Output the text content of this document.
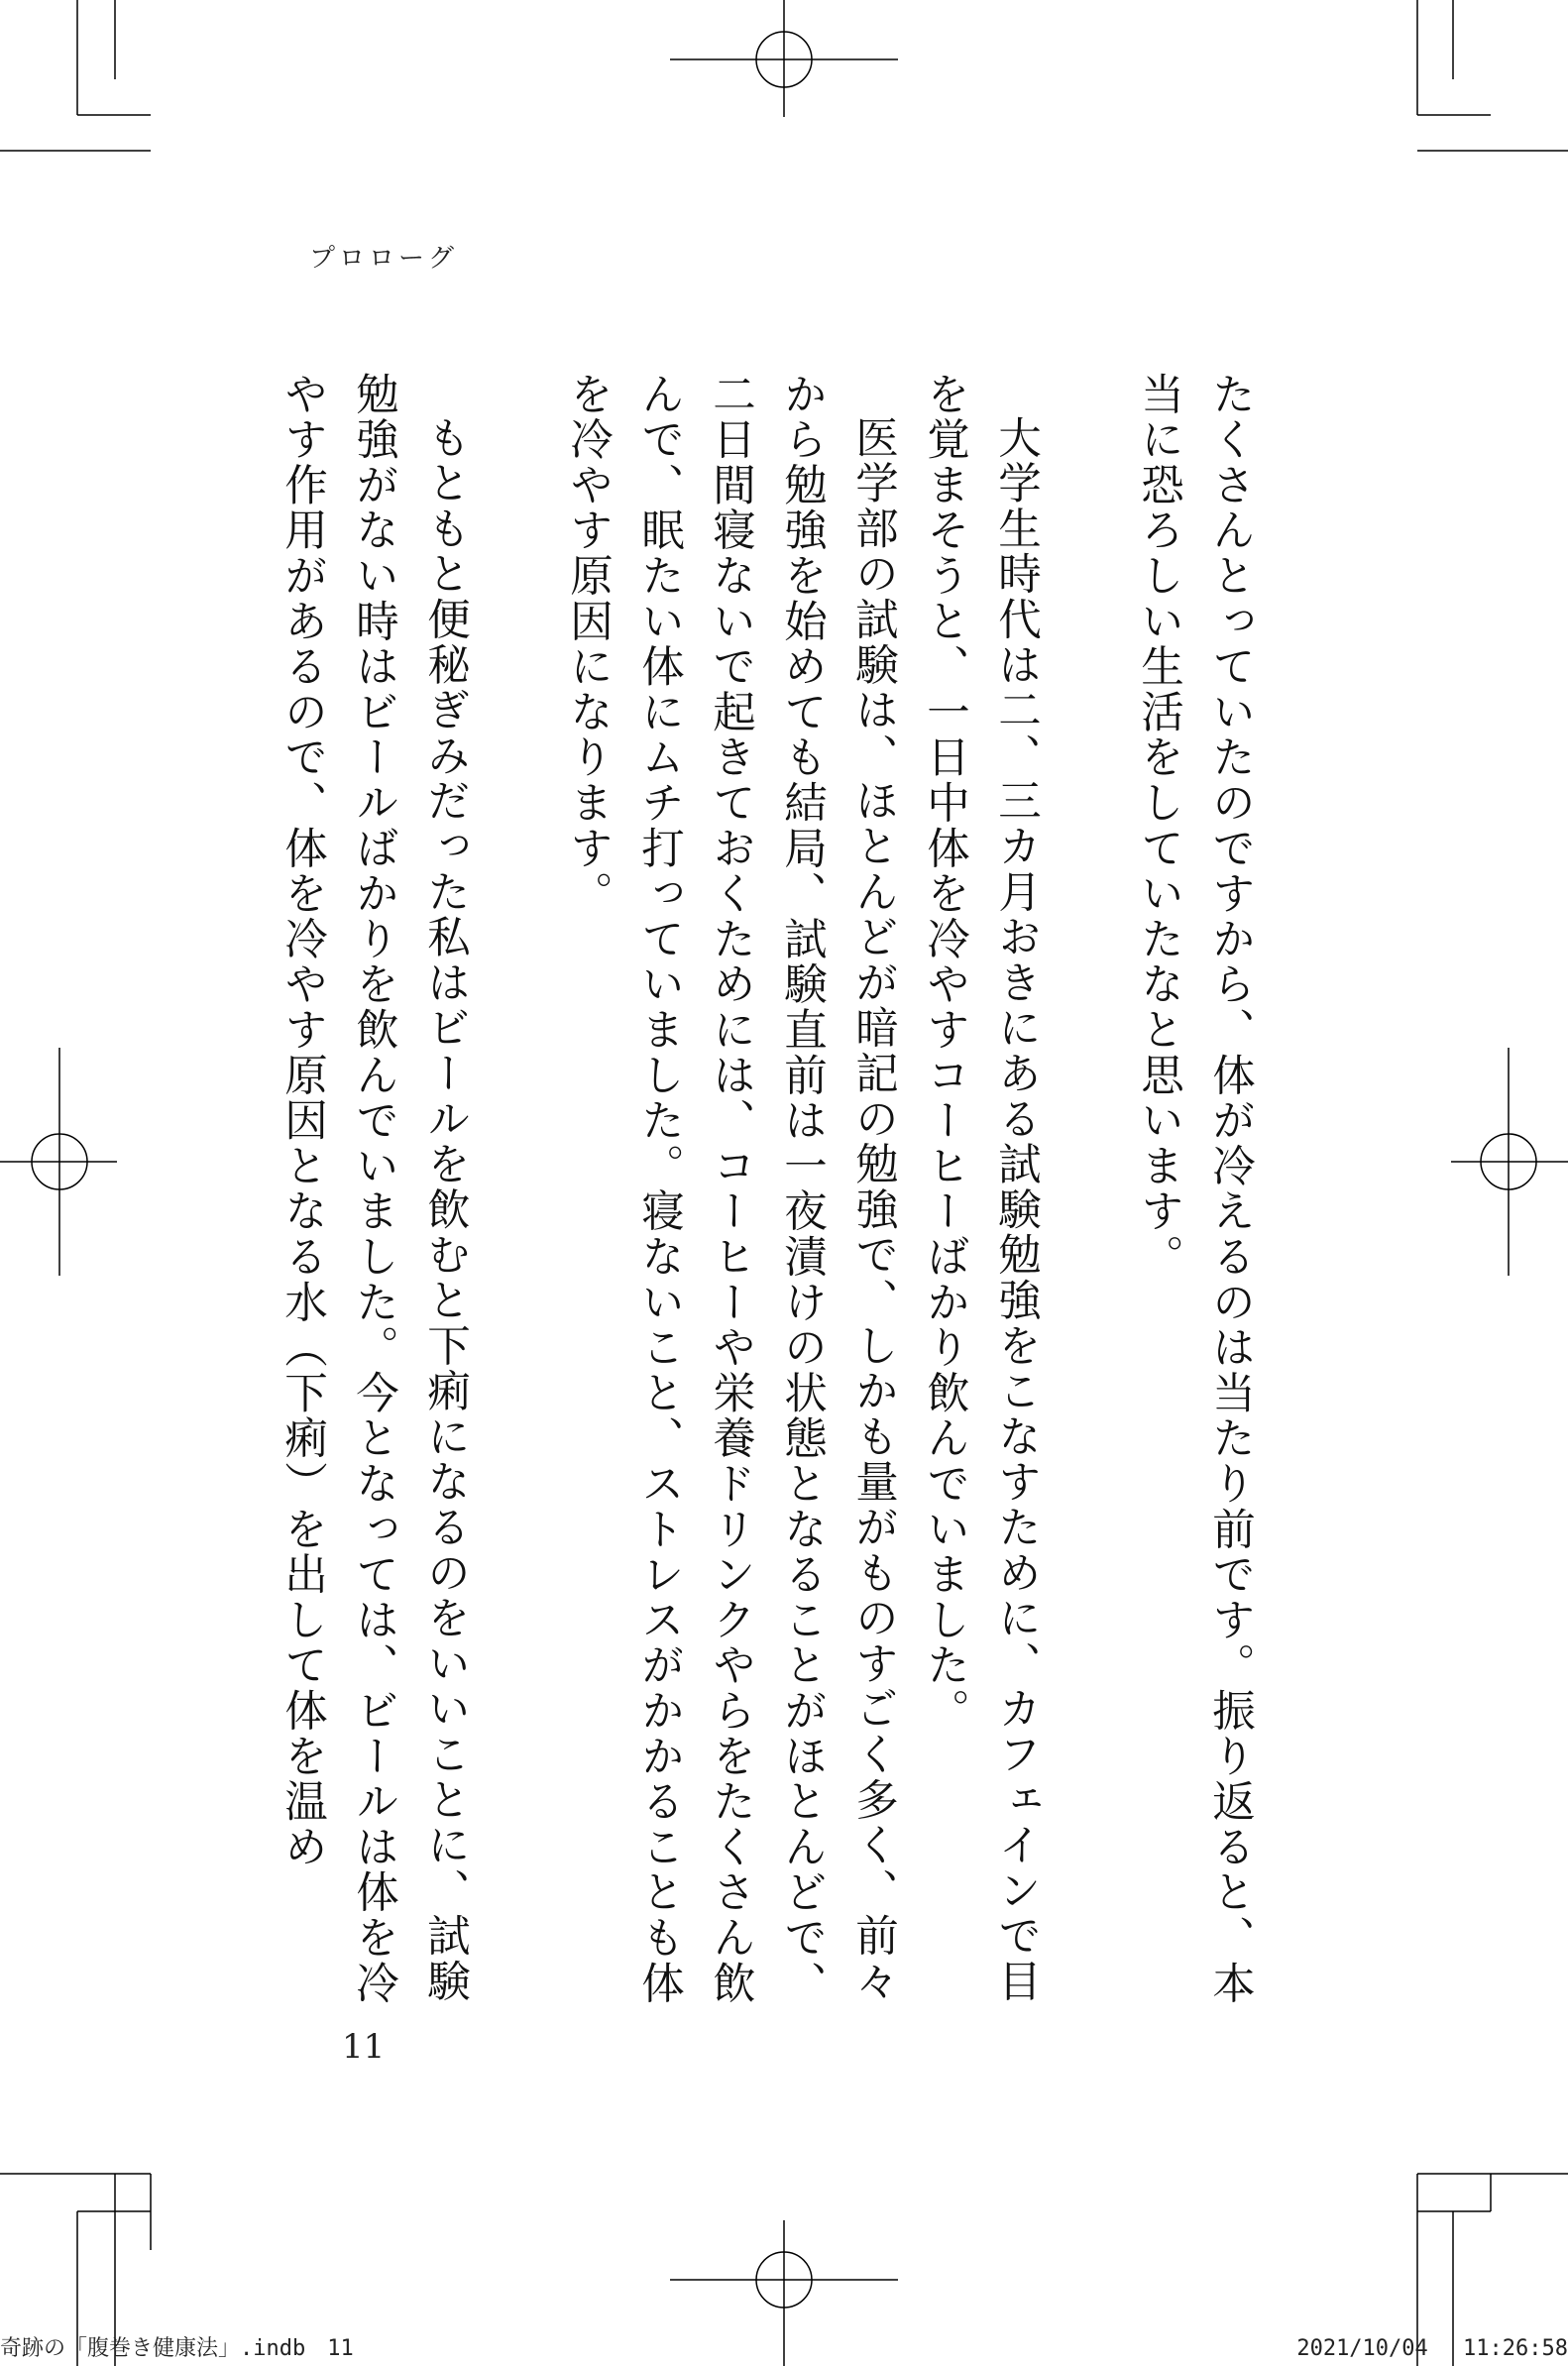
プロローグ

たくさんとっていたのですから、体が冷えるのは当たり前です。振り返ると、本当に恐ろしい生活をしていたなと思います。

大学生時代は二、三カ月おきにある試験勉強をこなすために、カフェインで目を覚まそうと、一日中体を冷やすコーヒーばかり飲んでいました。

医学部の試験は、ほとんどが暗記の勉強で、しかも量がものすごく多く、前々から勉強を始めても結局、試験直前は一夜漬けの状態となることがほとんどで、二日間寝ないで起きておくためには、コーヒーや栄養ドリンクやらをたくさん飲んで、眠たい体にムチ打っていました。寝ないこと、ストレスがかかることも体を冷やす原因になります。

もともと便秘ぎみだった私はビールを飲むと下痢になるのをいいことに、試験勉強がない時はビールばかりを飲んでいました。今となっては、ビールは体を冷やす作用があるので、体を冷やす原因となる水（下痢）を出して体を温め

11
奇跡の「腹巻き健康法」.indb　11	2021/10/04　 11:26:58
